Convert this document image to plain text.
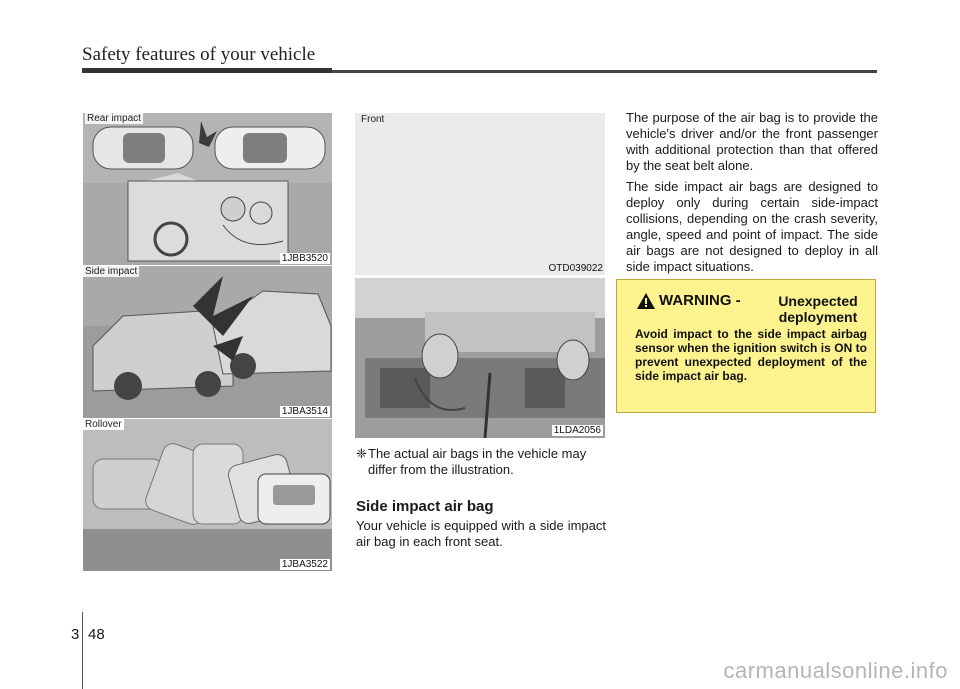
Safety features of your vehicle
Rear impact
1JBB3520
Side impact
1JBA3514
Rollover
1JBA3522
Front
OTD039022
1LDA2056
❈The actual air bags in the vehicle may
differ from the illustration.
Side impact air bag
Your vehicle is equipped with a side impact air bag in each front seat.

The purpose of the air bag is to provide the vehicle's driver and/or the front passenger with additional protection than that offered by the seat belt alone.

The side impact air bags are designed to deploy only during certain side-impact collisions, depending on the crash severity, angle, speed and point of impact. The side air bags are not designed to deploy in all side impact situations.

WARNING -	Unexpected deployment
Avoid impact to the side impact airbag sensor when the ignition switch is ON to prevent unexpected deployment of the side impact air bag.
3 48
carmanualsonline.info
